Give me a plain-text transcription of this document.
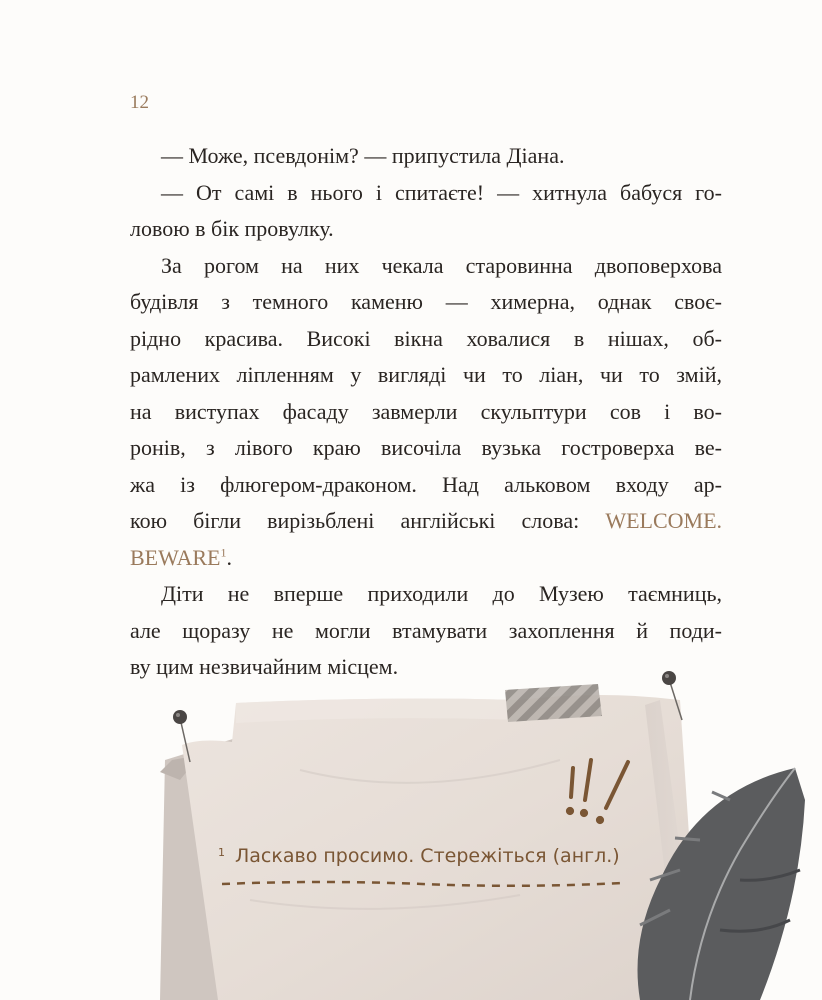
12
— Може, псевдонім? — припустила Діана.
— От самі в нього і спитаєте! — хитнула бабуся го-
ловою в бік провулку.
За рогом на них чекала старовинна двоповерхова
будівля з темного каменю — химерна, однак своє-
рідно красива. Високі вікна ховалися в нішах, об-
рамлених ліпленням у вигляді чи то ліан, чи то змій,
на виступах фасаду завмерли скульптури сов і во-
ронів, з лівого краю височіла вузька гостроверха ве-
жа із флюгером-драконом. Над альковом входу ар-
кою бігли вирізьблені англійські слова: WELCOME.
BEWARE$^1$.
Діти не вперше приходили до Музею таємниць,
але щоразу не могли втамувати захоплення й поди-
ву цим незвичайним місцем.
$^1$ Ласкаво просимо. Стережіться (англ.)
